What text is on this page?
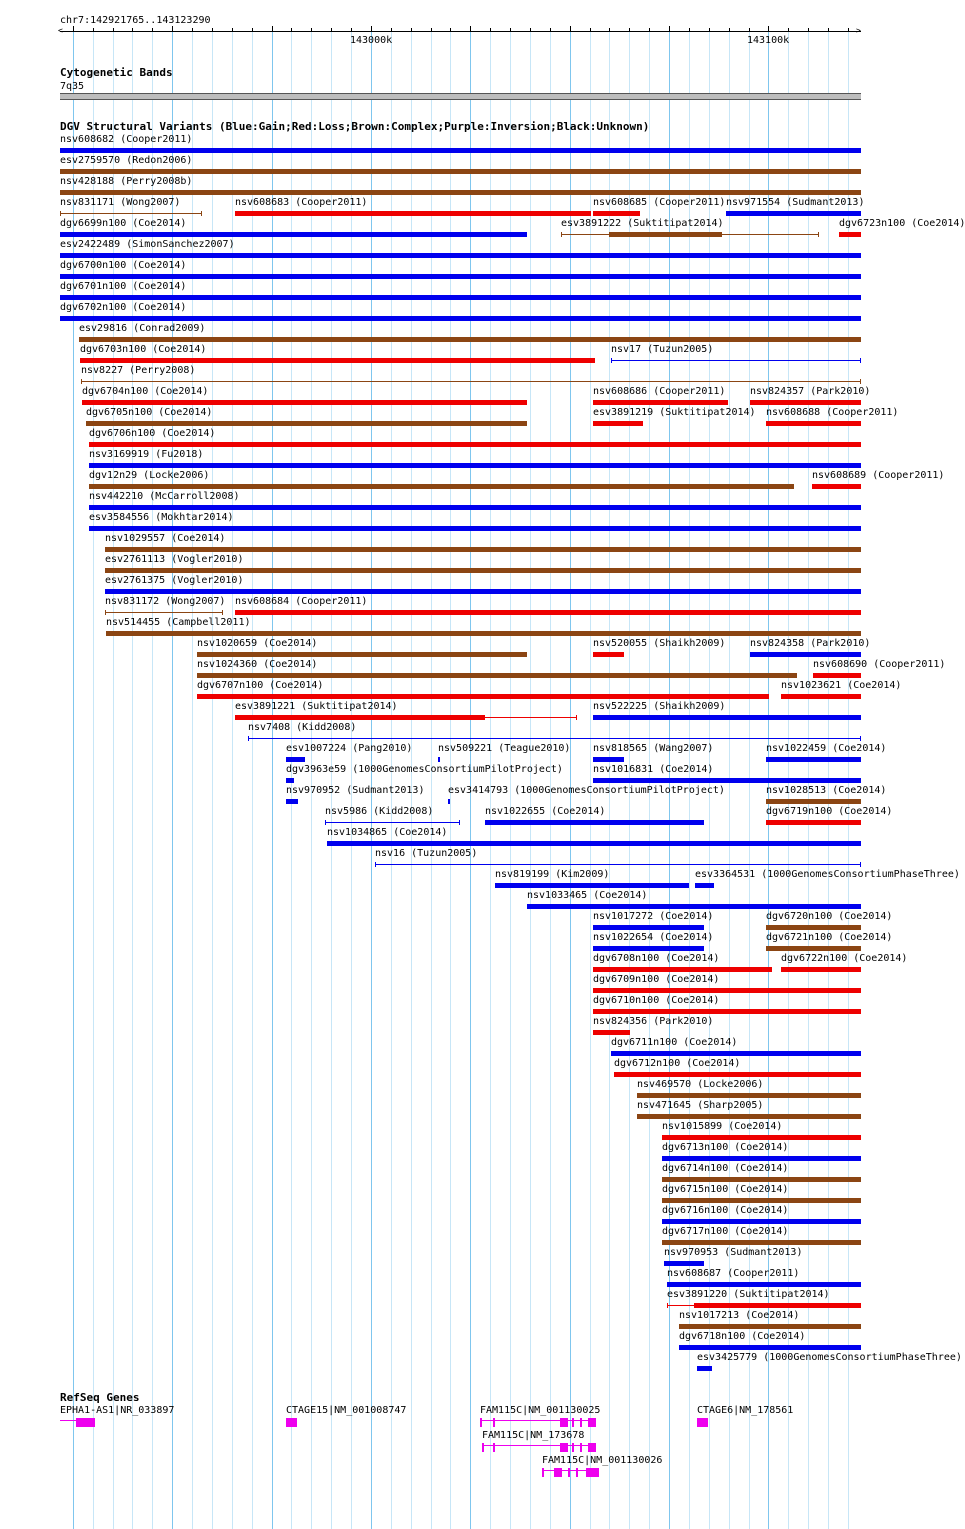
chr7:142921765..143123290
143000k	143100k
Cytogenetic Bands
7q35
DGV Structural Variants (Blue:Gain;Red:Loss;Brown:Complex;Purple:Inversion;Black:Unknown)
nsv608682 (Cooper2011)
esv2759570 (Redon2006)
nsv428188 (Perry2008b)
nsv831171 (Wong2007)	nsv608683 (Cooper2011)	nsv608685 (Cooper2011) nsv971554 (Sudmant2013)
dgv6699n100 (Coe2014)	esv3891222 (Suktitipat2014)	dgv6723n100 (Coe2014)
esv2422489 (SimonSanchez2007)
dgv6700n100 (Coe2014)
dgv6701n100 (Coe2014)
dgv6702n100 (Coe2014)
esv29816 (Conrad2009)
dgv6703n100 (Coe2014)	nsv17 (Tuzun2005)
nsv8227 (Perry2008)
dgv6704n100 (Coe2014)	nsv608686 (Cooper2011) nsv824357 (Park2010)
dgv6705n100 (Coe2014)	esv3891219 (Suktitipat2014) nsv608688 (Cooper2011)
dgv6706n100 (Coe2014)
nsv3169919 (Fu2018)
dgv12n29 (Locke2006)	nsv608689 (Cooper2011)
nsv442210 (McCarroll2008)
esv3584556 (Mokhtar2014)
nsv1029557 (Coe2014)
esv2761113 (Vogler2010)
esv2761375 (Vogler2010)
nsv831172 (Wong2007) nsv608684 (Cooper2011)
nsv514455 (Campbell2011)
nsv1020659 (Coe2014)	nsv520055 (Shaikh2009) nsv824358 (Park2010)
nsv1024360 (Coe2014)	nsv608690 (Cooper2011)
dgv6707n100 (Coe2014)	nsv1023621 (Coe2014)
esv3891221 (Suktitipat2014)	nsv522225 (Shaikh2009)
nsv7408 (Kidd2008)
esv1007224 (Pang2010)	nsv509221 (Teague2010) nsv818565 (Wang2007)	nsv1022459 (Coe2014)
dgv3963e59 (1000GenomesConsortiumPilotProject)	nsv1016831 (Coe2014)
nsv970952 (Sudmant2013) esv3414793 (1000GenomesConsortiumPilotProject)	nsv1028513 (Coe2014)
nsv5986 (Kidd2008)	nsv1022655 (Coe2014)	dgv6719n100 (Coe2014)
nsv1034865 (Coe2014)
nsv16 (Tuzun2005)
nsv819199 (Kim2009)	esv3364531 (1000GenomesConsortiumPhaseThree)
nsv1033465 (Coe2014)
nsv1017272 (Coe2014)	dgv6720n100 (Coe2014)
nsv1022654 (Coe2014)	dgv6721n100 (Coe2014)
dgv6708n100 (Coe2014)	dgv6722n100 (Coe2014)
dgv6709n100 (Coe2014)
dgv6710n100 (Coe2014)
nsv824356 (Park2010)
dgv6711n100 (Coe2014)
dgv6712n100 (Coe2014)
nsv469570 (Locke2006)
nsv471645 (Sharp2005)
nsv1015899 (Coe2014)
dgv6713n100 (Coe2014)
dgv6714n100 (Coe2014)
dgv6715n100 (Coe2014)
dgv6716n100 (Coe2014)
dgv6717n100 (Coe2014)
nsv970953 (Sudmant2013)
nsv608687 (Cooper2011)
esv3891220 (Suktitipat2014)
nsv1017213 (Coe2014)
dgv6718n100 (Coe2014)
esv3425779 (1000GenomesConsortiumPhaseThree)
RefSeq Genes
EPHA1-AS1|NR_033897	CTAGE15|NM_001008747	FAM115C|NM_001130025	CTAGE6|NM_178561
FAM115C|NM_173678
FAM115C|NM_001130026
<	>
